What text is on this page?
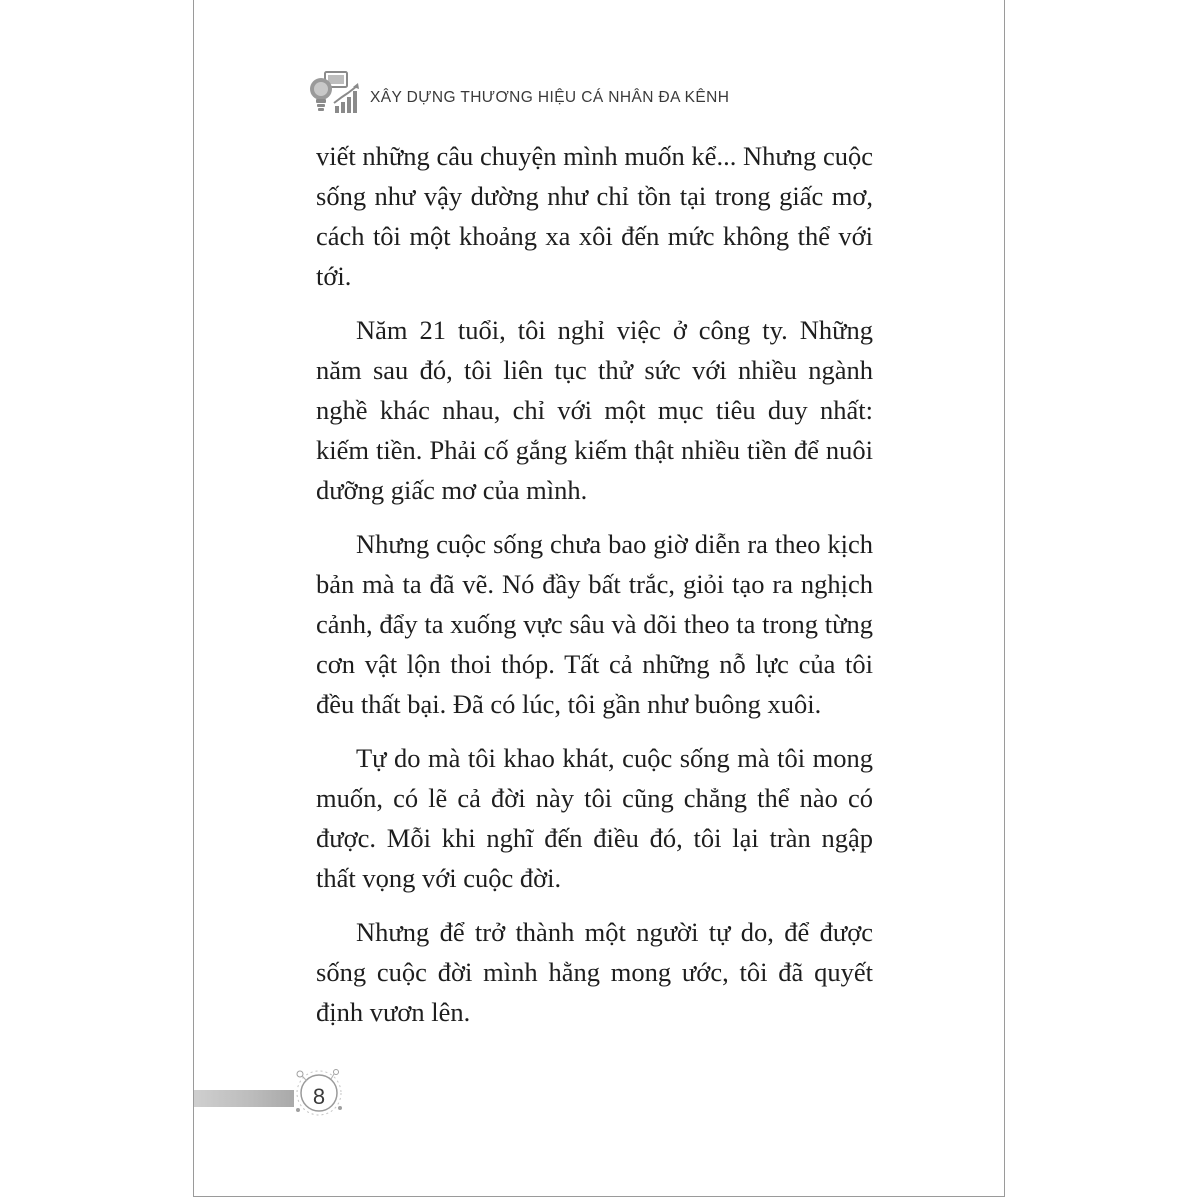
XÂY DỰNG THƯƠNG HIỆU CÁ NHÂN ĐA KÊNH

viết những câu chuyện mình muốn kể... Nhưng cuộc sống như vậy dường như chỉ tồn tại trong giấc mơ, cách tôi một khoảng xa xôi đến mức không thể với tới.

Năm 21 tuổi, tôi nghỉ việc ở công ty. Những năm sau đó, tôi liên tục thử sức với nhiều ngành nghề khác nhau, chỉ với một mục tiêu duy nhất: kiếm tiền. Phải cố gắng kiếm thật nhiều tiền để nuôi dưỡng giấc mơ của mình.

Nhưng cuộc sống chưa bao giờ diễn ra theo kịch bản mà ta đã vẽ. Nó đầy bất trắc, giỏi tạo ra nghịch cảnh, đẩy ta xuống vực sâu và dõi theo ta trong từng cơn vật lộn thoi thóp. Tất cả những nỗ lực của tôi đều thất bại. Đã có lúc, tôi gần như buông xuôi.

Tự do mà tôi khao khát, cuộc sống mà tôi mong muốn, có lẽ cả đời này tôi cũng chẳng thể nào có được. Mỗi khi nghĩ đến điều đó, tôi lại tràn ngập thất vọng với cuộc đời.

Nhưng để trở thành một người tự do, để được sống cuộc đời mình hằng mong ước, tôi đã quyết định vươn lên.

8
